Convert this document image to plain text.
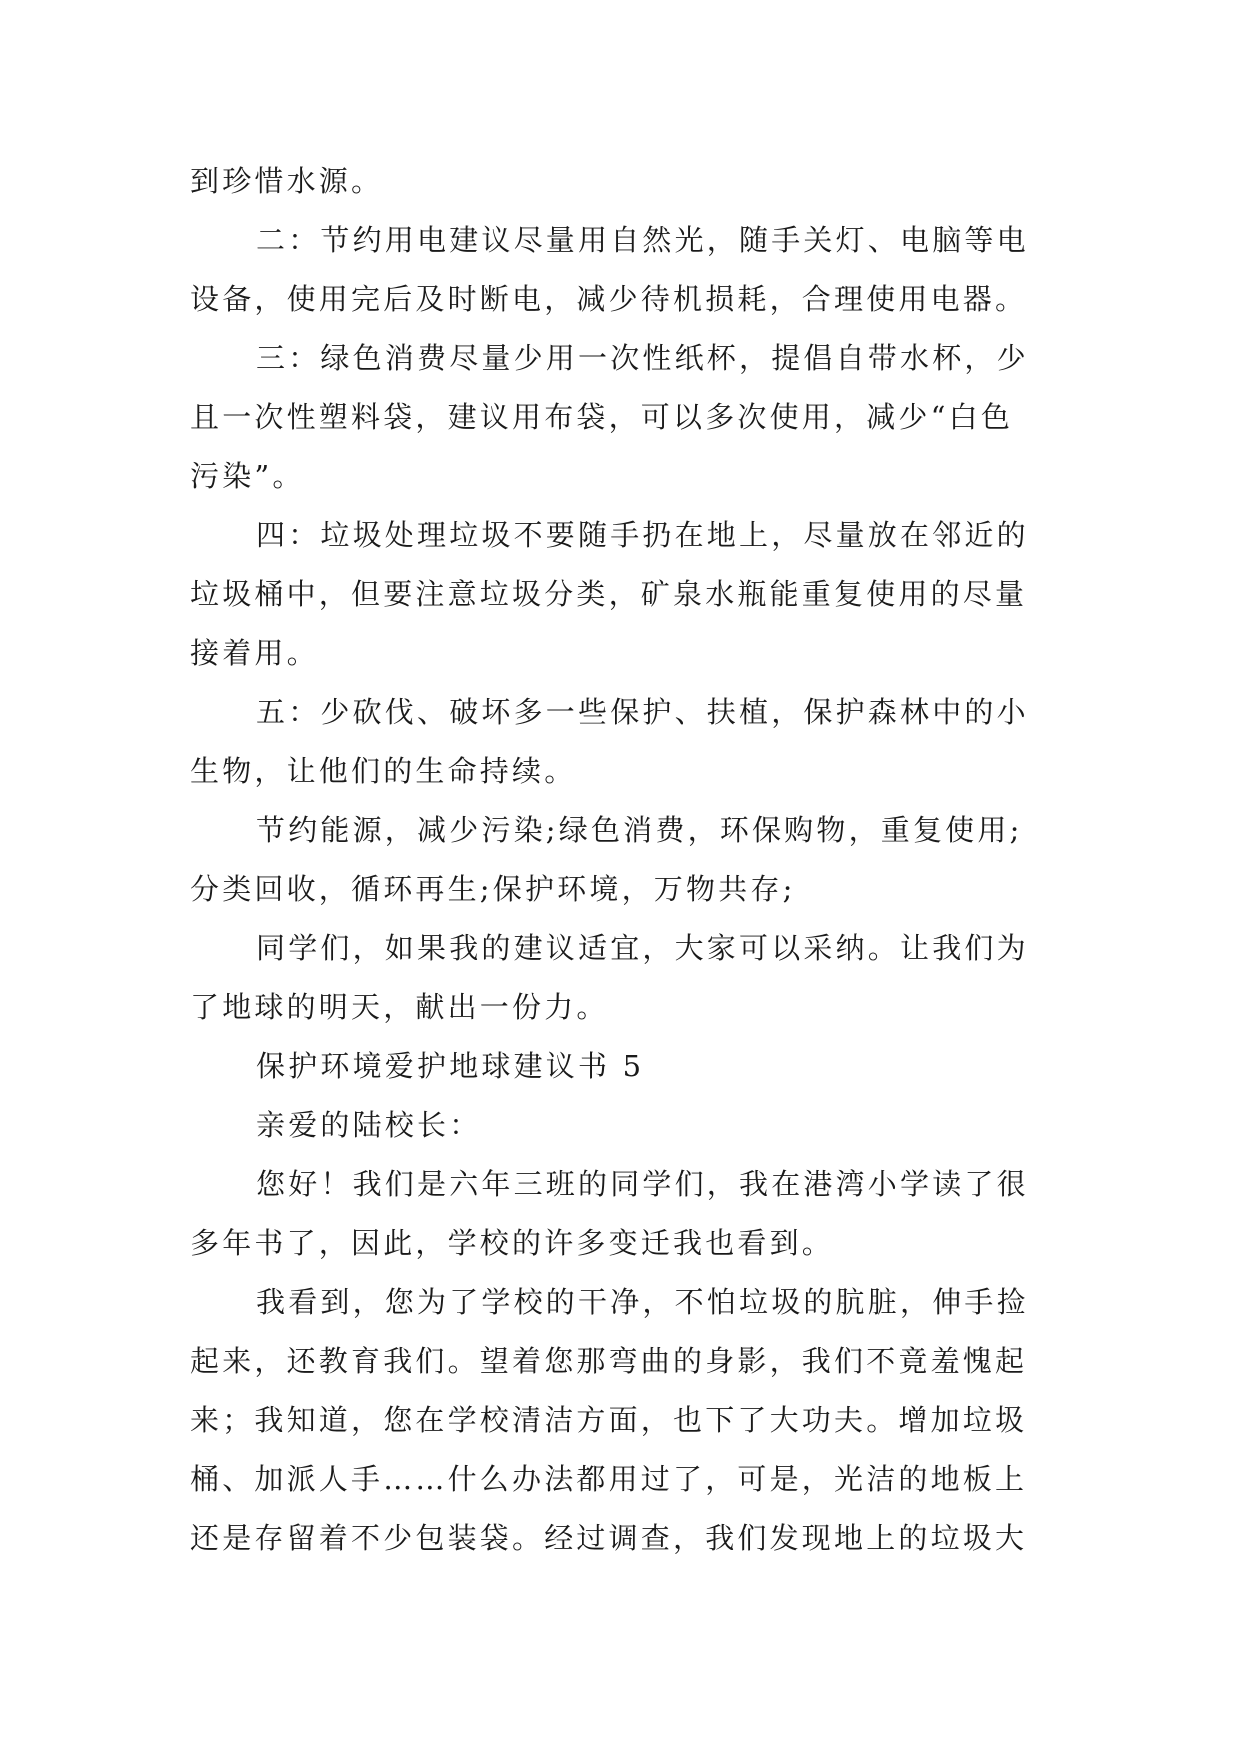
到珍惜水源。
二：节约用电建议尽量用自然光，随手关灯、电脑等电
设备，使用完后及时断电，减少待机损耗，合理使用电器。
三：绿色消费尽量少用一次性纸杯，提倡自带水杯，少
且一次性塑料袋，建议用布袋，可以多次使用，减少“白色
污染”。
四：垃圾处理垃圾不要随手扔在地上，尽量放在邻近的
垃圾桶中，但要注意垃圾分类，矿泉水瓶能重复使用的尽量
接着用。
五：少砍伐、破坏多一些保护、扶植，保护森林中的小
生物，让他们的生命持续。
节约能源，减少污染;绿色消费，环保购物，重复使用;
分类回收，循环再生;保护环境，万物共存;
同学们，如果我的建议适宜，大家可以采纳。让我们为
了地球的明天，献出一份力。
保护环境爱护地球建议书 5
亲爱的陆校长：
您好！我们是六年三班的同学们，我在港湾小学读了很
多年书了，因此，学校的许多变迁我也看到。
我看到，您为了学校的干净，不怕垃圾的肮脏，伸手捡
起来，还教育我们。望着您那弯曲的身影，我们不竟羞愧起
来；我知道，您在学校清洁方面，也下了大功夫。增加垃圾
桶、加派人手……什么办法都用过了，可是，光洁的地板上
还是存留着不少包装袋。经过调查，我们发现地上的垃圾大
